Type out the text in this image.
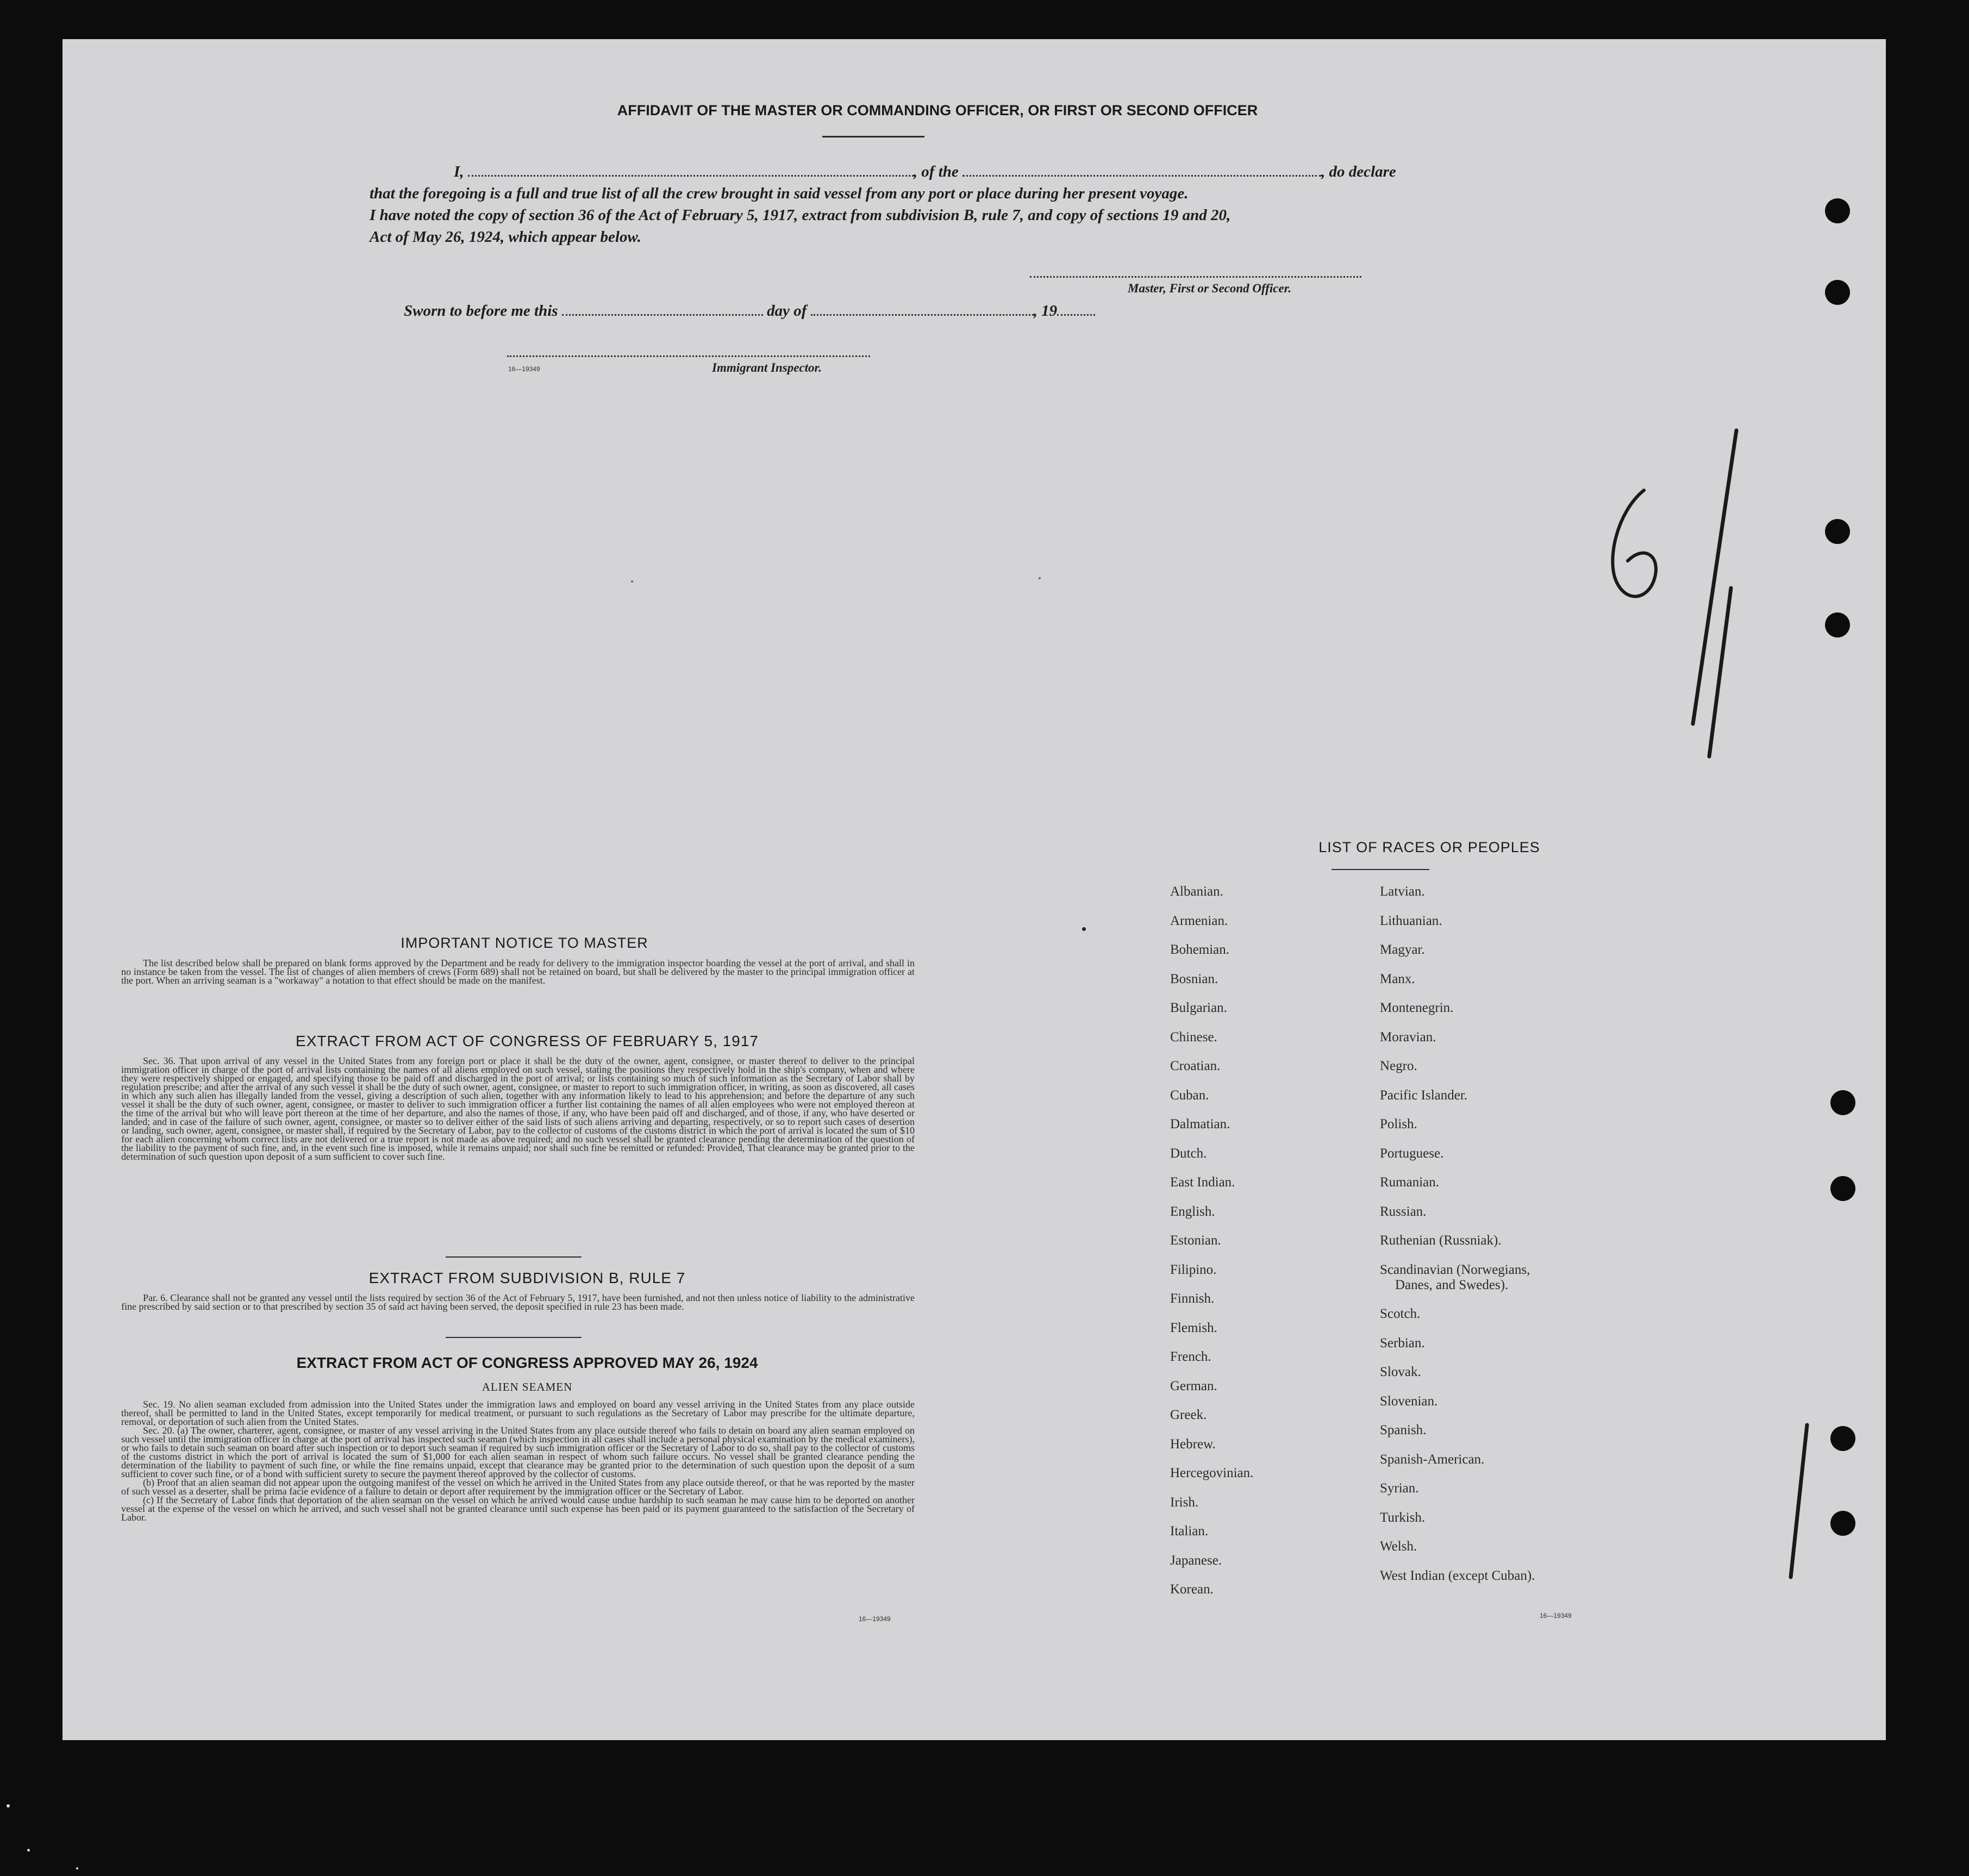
AFFIDAVIT OF THE MASTER OR COMMANDING OFFICER, OR FIRST OR SECOND OFFICER
I,	, of the	, do declare
that the foregoing is a full and true list of all the crew brought in said vessel from any port or place during her present voyage.
I have noted the copy of section 36 of the Act of February 5, 1917, extract from subdivision B, rule 7, and copy of sections 19 and 20,
Act of May 26, 1924, which appear below.
Master, First or Second Officer.
Sworn to before me this	day of	, 19
16—19349	Immigrant Inspector.
IMPORTANT NOTICE TO MASTER

The list described below shall be prepared on blank forms approved by the Department and be ready for delivery to the immigration inspector boarding the vessel at the port of arrival, and shall in no instance be taken from the vessel. The list of changes of alien members of crews (Form 689) shall not be retained on board, but shall be delivered by the master to the principal immigration officer at the port. When an arriving seaman is a "workaway" a notation to that effect should be made on the manifest.

EXTRACT FROM ACT OF CONGRESS OF FEBRUARY 5, 1917

Sec. 36. That upon arrival of any vessel in the United States from any foreign port or place it shall be the duty of the owner, agent, consignee, or master thereof to deliver to the principal immigration officer in charge of the port of arrival lists containing the names of all aliens employed on such vessel, stating the positions they respectively hold in the ship's company, when and where they were respectively shipped or engaged, and specifying those to be paid off and discharged in the port of arrival; or lists containing so much of such information as the Secretary of Labor shall by regulation prescribe; and after the arrival of any such vessel it shall be the duty of such owner, agent, consignee, or master to report to such immigration officer, in writing, as soon as discovered, all cases in which any such alien has illegally landed from the vessel, giving a description of such alien, together with any information likely to lead to his apprehension; and before the departure of any such vessel it shall be the duty of such owner, agent, consignee, or master to deliver to such immigration officer a further list containing the names of all alien employees who were not employed thereon at the time of the arrival but who will leave port thereon at the time of her departure, and also the names of those, if any, who have been paid off and discharged, and of those, if any, who have deserted or landed; and in case of the failure of such owner, agent, consignee, or master so to deliver either of the said lists of such aliens arriving and departing, respectively, or so to report such cases of desertion or landing, such owner, agent, consignee, or master shall, if required by the Secretary of Labor, pay to the collector of customs of the customs district in which the port of arrival is located the sum of $10 for each alien concerning whom correct lists are not delivered or a true report is not made as above required; and no such vessel shall be granted clearance pending the determination of the question of the liability to the payment of such fine, and, in the event such fine is imposed, while it remains unpaid; nor shall such fine be remitted or refunded: Provided, That clearance may be granted prior to the determination of such question upon deposit of a sum sufficient to cover such fine.

EXTRACT FROM SUBDIVISION B, RULE 7

Par. 6. Clearance shall not be granted any vessel until the lists required by section 36 of the Act of February 5, 1917, have been furnished, and not then unless notice of liability to the administrative fine prescribed by said section or to that prescribed by section 35 of said act having been served, the deposit specified in rule 23 has been made.

EXTRACT FROM ACT OF CONGRESS APPROVED MAY 26, 1924
ALIEN SEAMEN

Sec. 19. No alien seaman excluded from admission into the United States under the immigration laws and employed on board any vessel arriving in the United States from any place outside thereof, shall be permitted to land in the United States, except temporarily for medical treatment, or pursuant to such regulations as the Secretary of Labor may prescribe for the ultimate departure, removal, or deportation of such alien from the United States.

Sec. 20. (a) The owner, charterer, agent, consignee, or master of any vessel arriving in the United States from any place outside thereof who fails to detain on board any alien seaman employed on such vessel until the immigration officer in charge at the port of arrival has inspected such seaman (which inspection in all cases shall include a personal physical examination by the medical examiners), or who fails to detain such seaman on board after such inspection or to deport such seaman if required by such immigration officer or the Secretary of Labor to do so, shall pay to the collector of customs of the customs district in which the port of arrival is located the sum of $1,000 for each alien seaman in respect of whom such failure occurs. No vessel shall be granted clearance pending the determination of the liability to payment of such fine, or while the fine remains unpaid, except that clearance may be granted prior to the determination of such question upon the deposit of a sum sufficient to cover such fine, or of a bond with sufficient surety to secure the payment thereof approved by the collector of customs.

(b) Proof that an alien seaman did not appear upon the outgoing manifest of the vessel on which he arrived in the United States from any place outside thereof, or that he was reported by the master of such vessel as a deserter, shall be prima facie evidence of a failure to detain or deport after requirement by the immigration officer or the Secretary of Labor.

(c) If the Secretary of Labor finds that deportation of the alien seaman on the vessel on which he arrived would cause undue hardship to such seaman he may cause him to be deported on another vessel at the expense of the vessel on which he arrived, and such vessel shall not be granted clearance until such expense has been paid or its payment guaranteed to the satisfaction of the Secretary of Labor.

16—19349
LIST OF RACES OR PEOPLES
Albanian.
Armenian.
Bohemian.
Bosnian.
Bulgarian.
Chinese.
Croatian.
Cuban.
Dalmatian.
Dutch.
East Indian.
English.
Estonian.
Filipino.
Finnish.
Flemish.
French.
German.
Greek.
Hebrew.
Hercegovinian.
Irish.
Italian.
Japanese.
Korean.
Latvian.
Lithuanian.
Magyar.
Manx.
Montenegrin.
Moravian.
Negro.
Pacific Islander.
Polish.
Portuguese.
Rumanian.
Russian.
Ruthenian (Russniak).
Scandinavian (Norwegians,
Danes, and Swedes).
Scotch.
Serbian.
Slovak.
Slovenian.
Spanish.
Spanish-American.
Syrian.
Turkish.
Welsh.
West Indian (except Cuban).
16—19349
